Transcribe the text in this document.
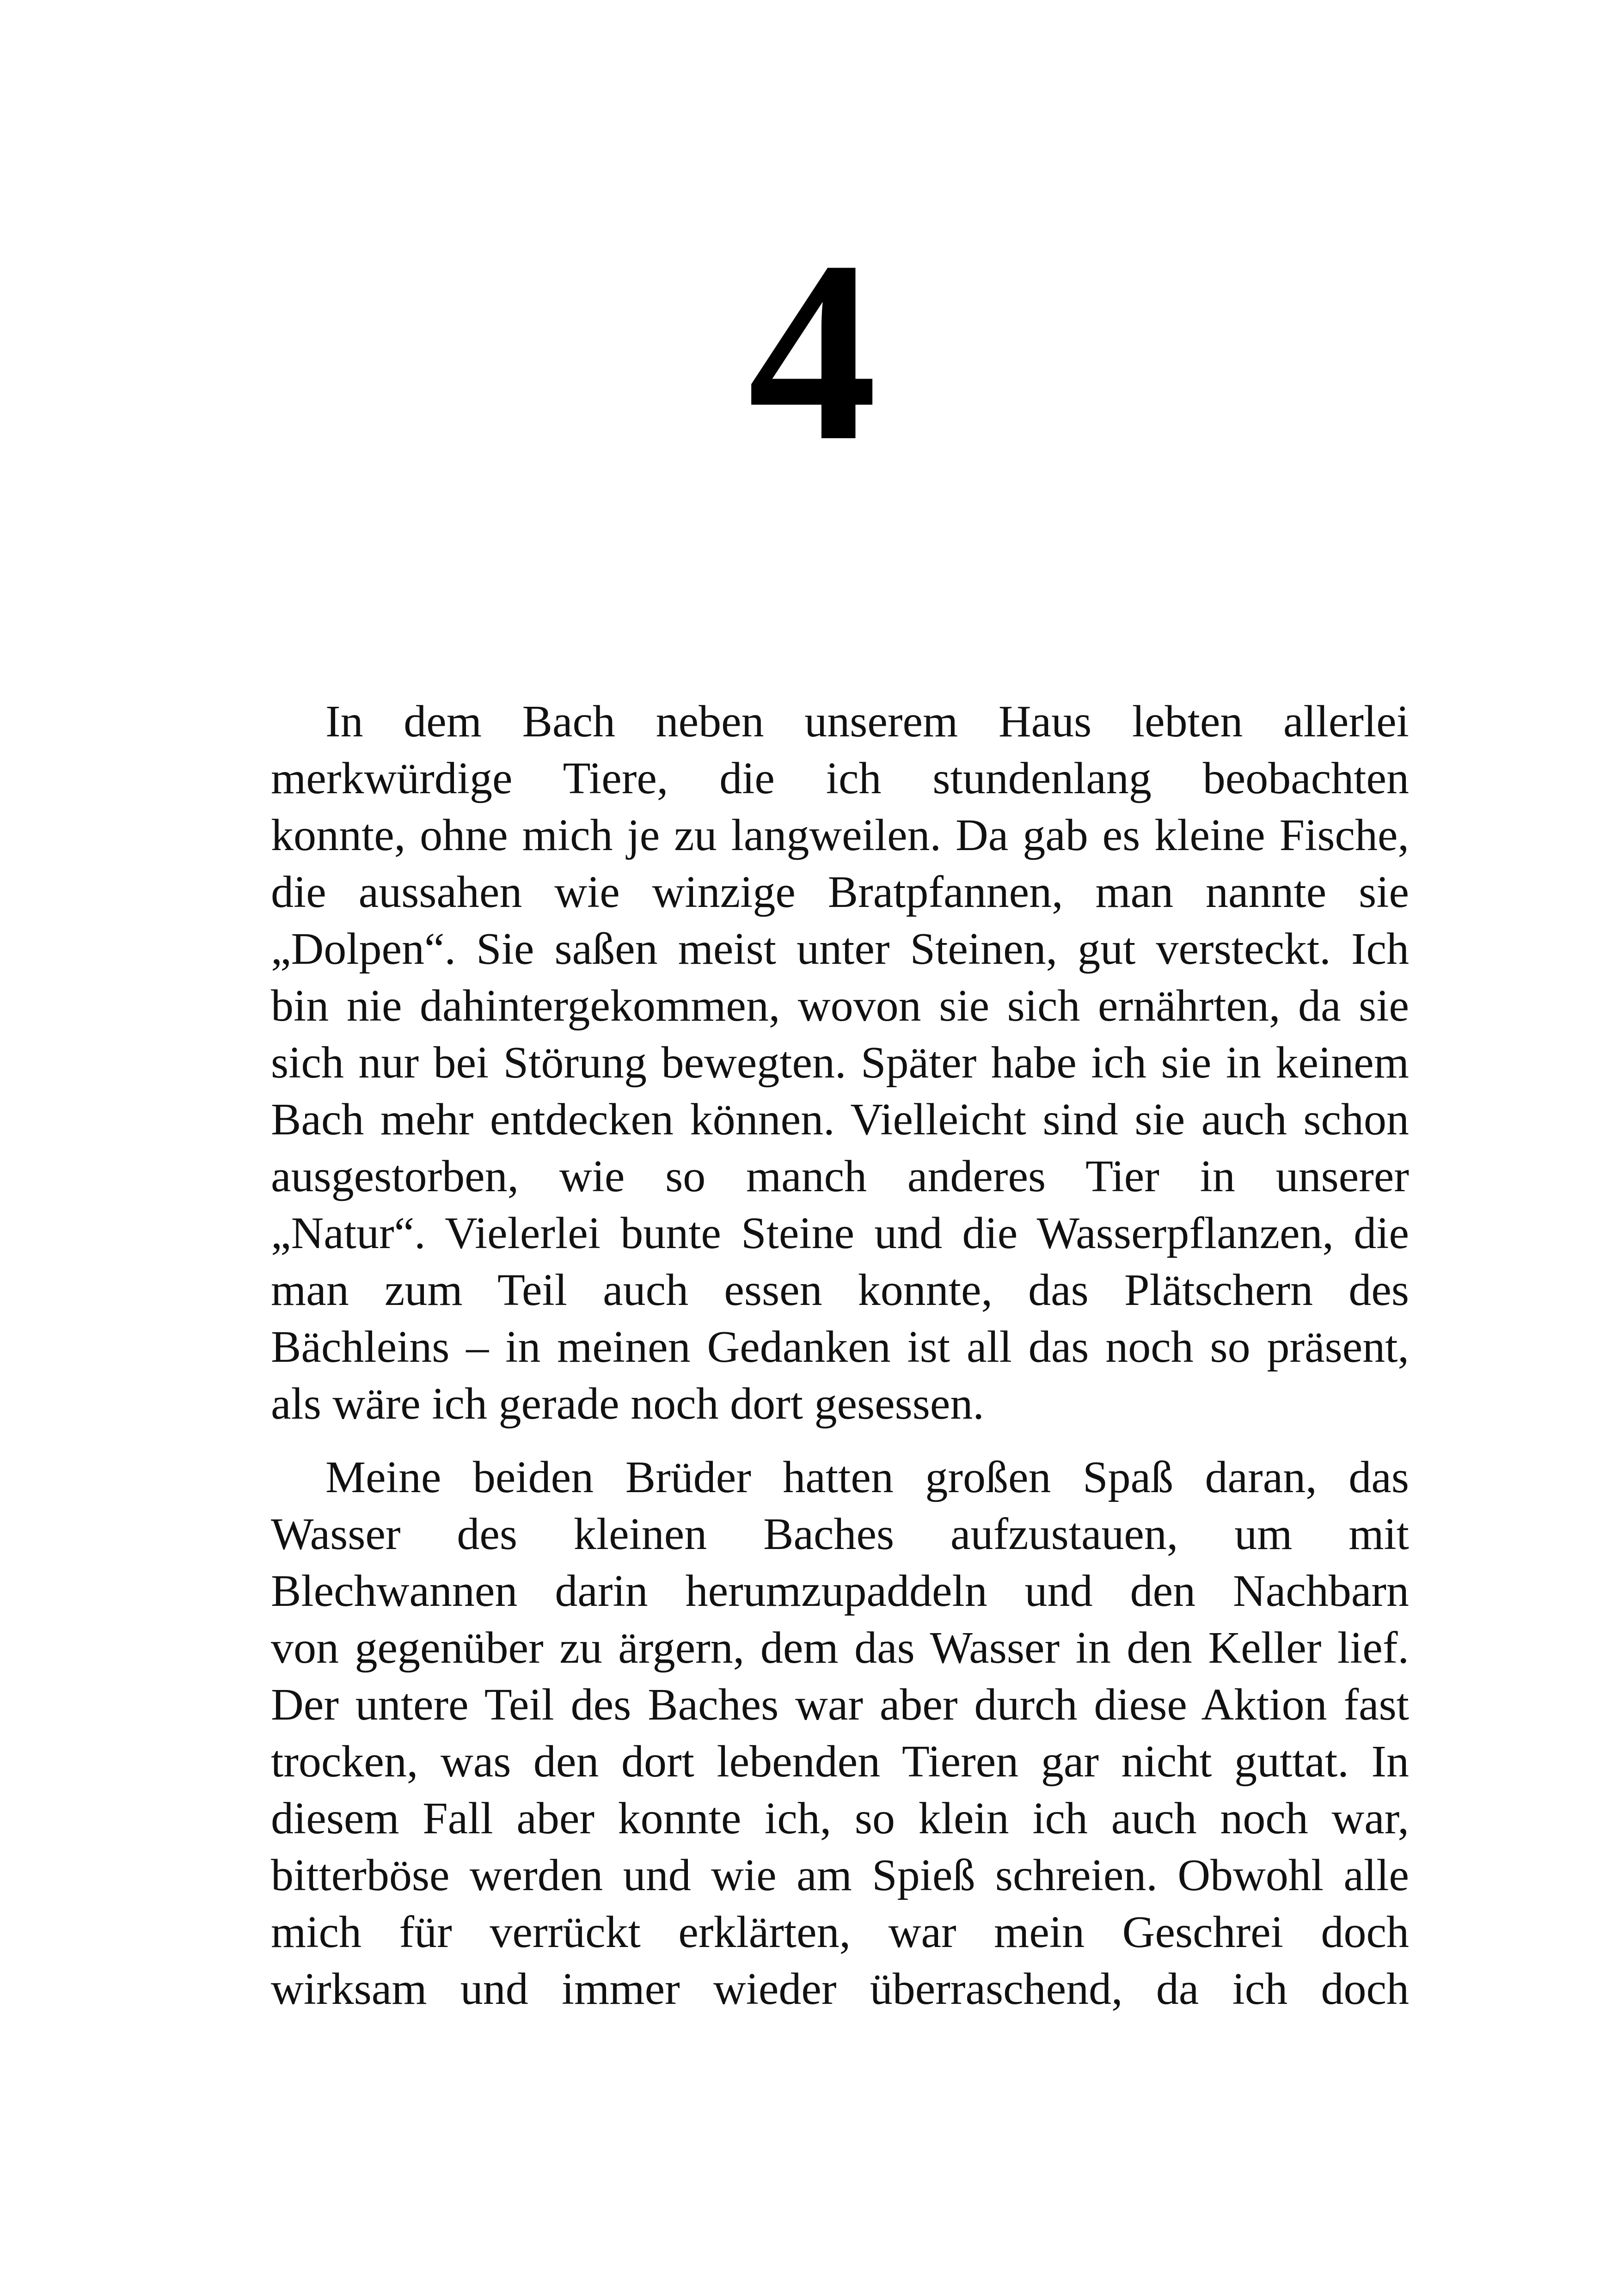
4
In dem Bach neben unserem Haus lebten allerlei
merkwürdige Tiere, die ich stundenlang beobachten
konnte, ohne mich je zu langweilen. Da gab es kleine Fische,
die aussahen wie winzige Bratpfannen, man nannte sie
„Dolpen“. Sie saßen meist unter Steinen, gut versteckt. Ich
bin nie dahintergekommen, wovon sie sich ernährten, da sie
sich nur bei Störung bewegten. Später habe ich sie in keinem
Bach mehr entdecken können. Vielleicht sind sie auch schon
ausgestorben, wie so manch anderes Tier in unserer
„Natur“. Vielerlei bunte Steine und die Wasserpflanzen, die
man zum Teil auch essen konnte, das Plätschern des
Bächleins – in meinen Gedanken ist all das noch so präsent,
als wäre ich gerade noch dort gesessen.
Meine beiden Brüder hatten großen Spaß daran, das
Wasser des kleinen Baches aufzustauen, um mit
Blechwannen darin herumzupaddeln und den Nachbarn
von gegenüber zu ärgern, dem das Wasser in den Keller lief.
Der untere Teil des Baches war aber durch diese Aktion fast
trocken, was den dort lebenden Tieren gar nicht guttat. In
diesem Fall aber konnte ich, so klein ich auch noch war,
bitterböse werden und wie am Spieß schreien. Obwohl alle
mich für verrückt erklärten, war mein Geschrei doch
wirksam und immer wieder überraschend, da ich doch
